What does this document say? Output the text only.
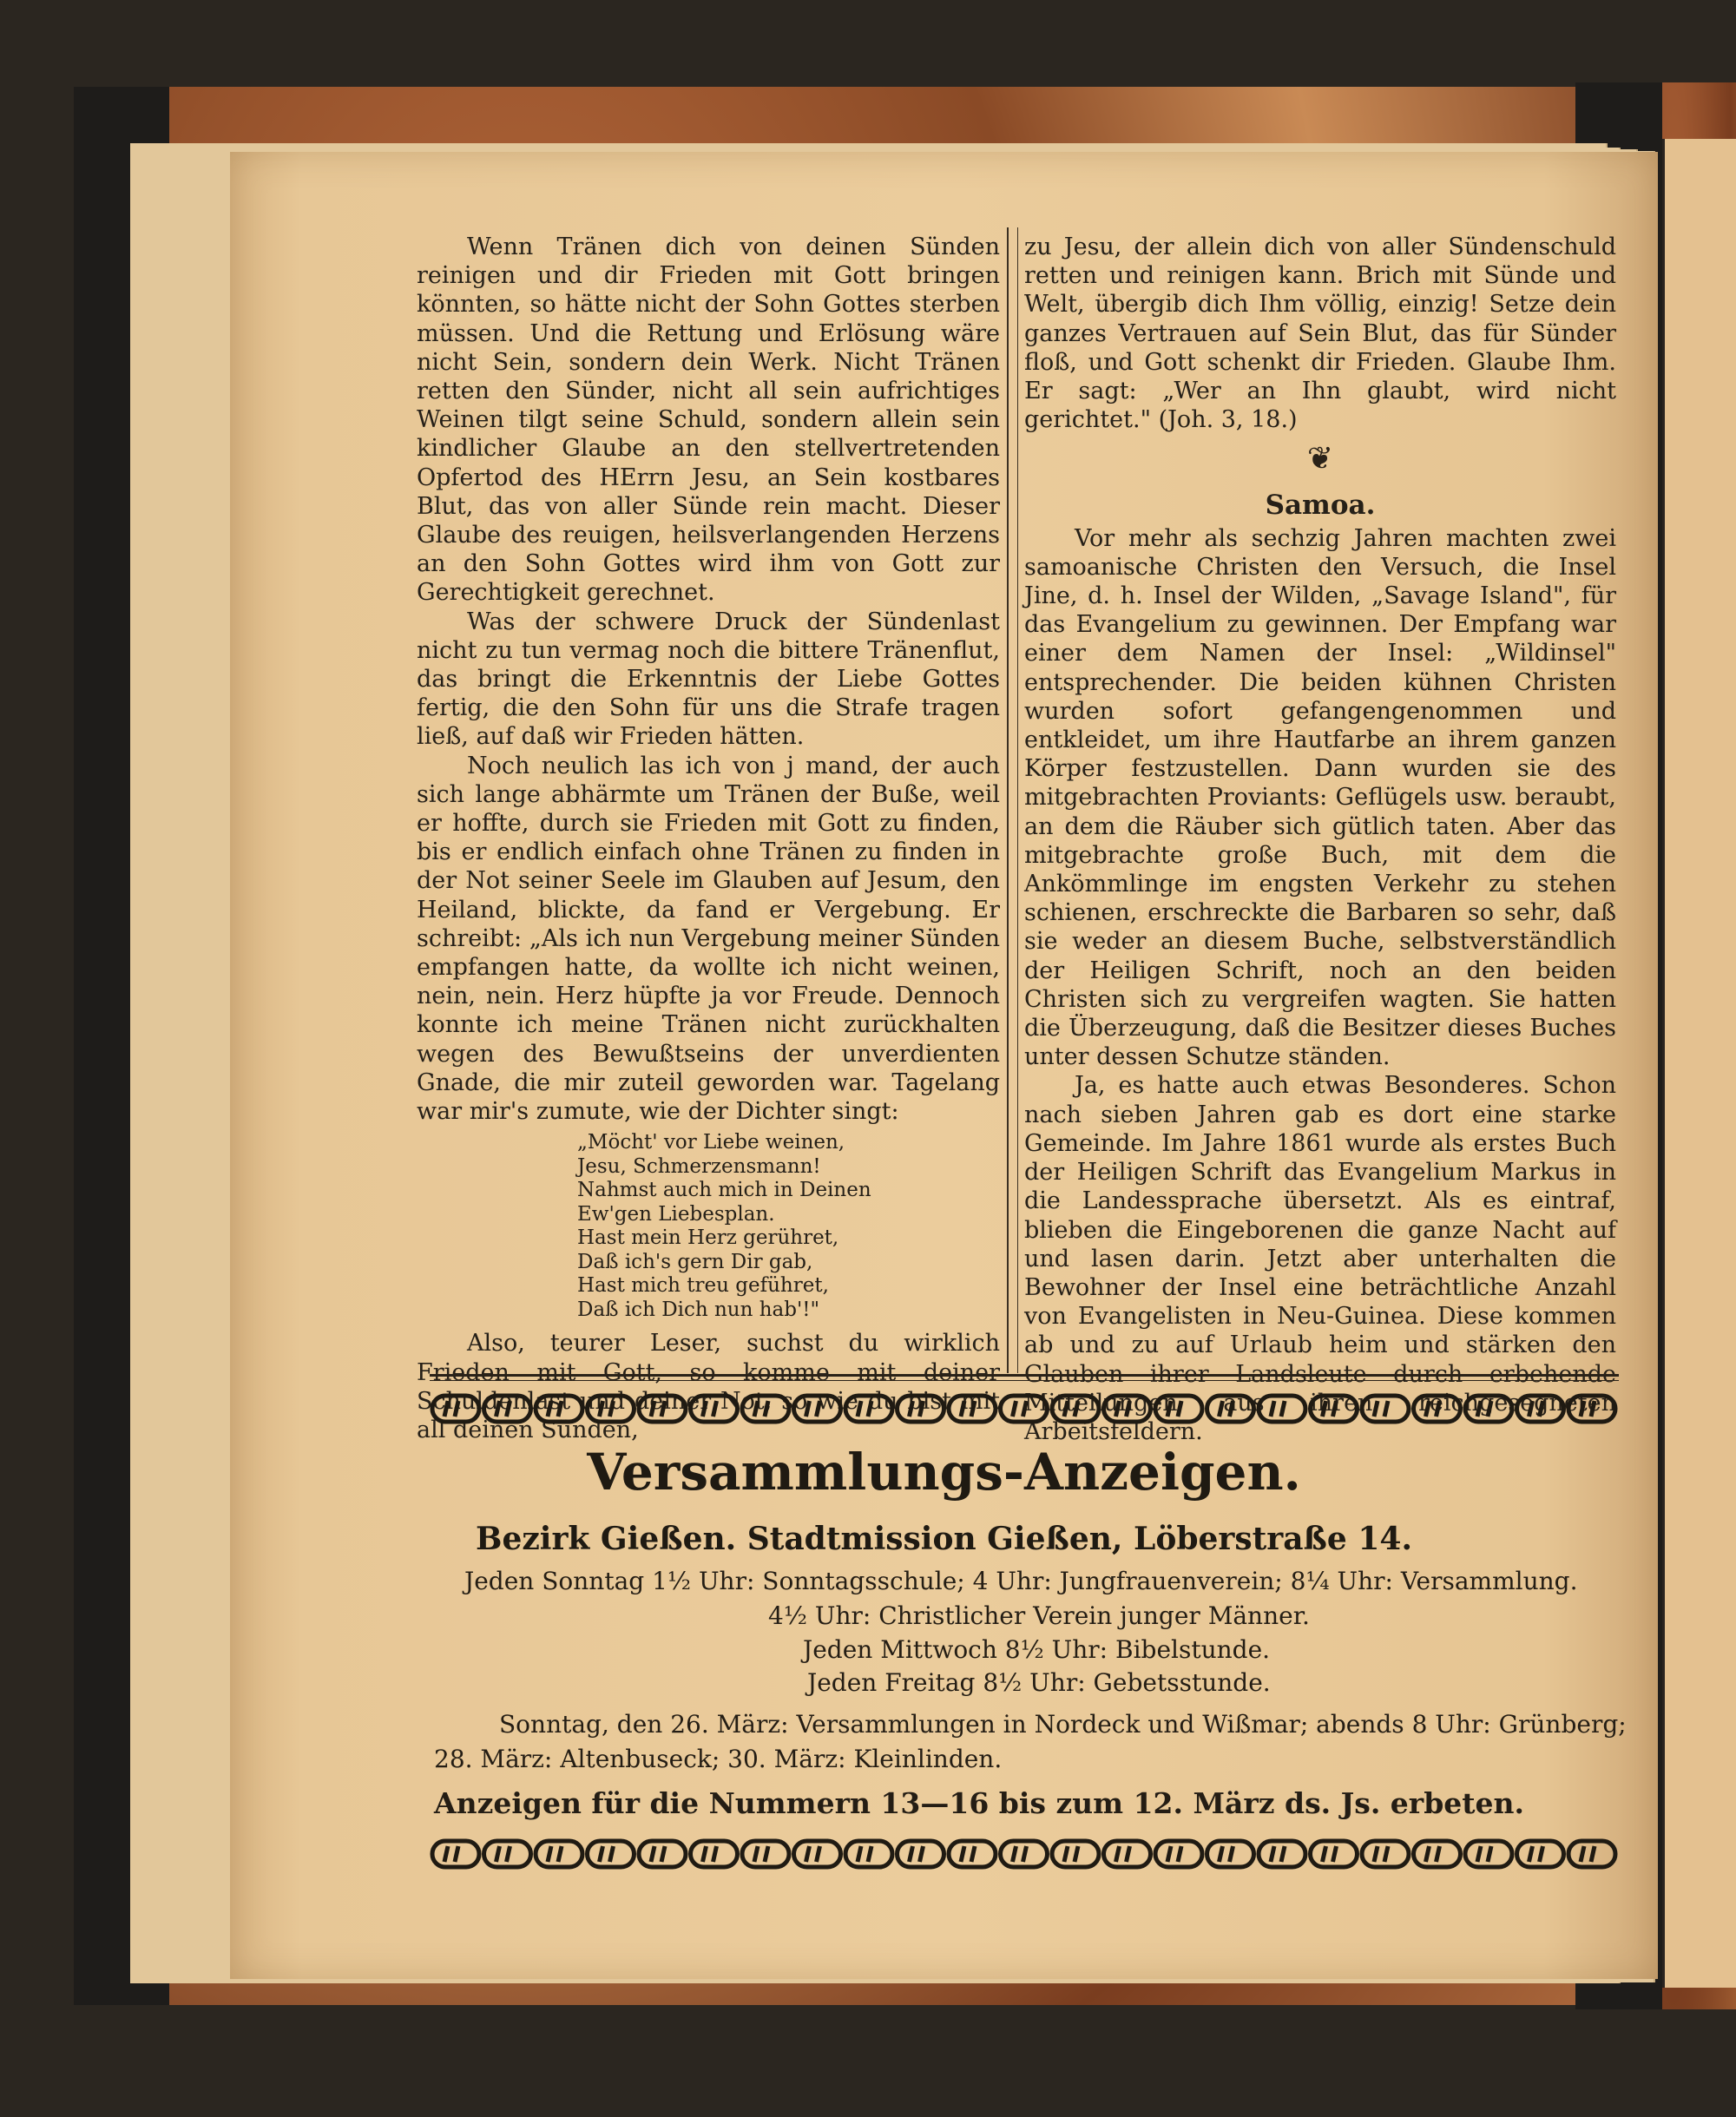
Wenn Tränen dich von deinen Sünden reinigen und dir Frieden mit Gott bringen könnten, so hätte nicht der Sohn Gottes sterben müssen. Und die Rettung und Erlösung wäre nicht Sein, sondern dein Werk. Nicht Tränen retten den Sünder, nicht all sein aufrichtiges Weinen tilgt seine Schuld, sondern allein sein kindlicher Glaube an den stellvertretenden Opfertod des HErrn Jesu, an Sein kostbares Blut, das von aller Sünde rein macht. Dieser Glaube des reuigen, heilsverlangenden Herzens an den Sohn Gottes wird ihm von Gott zur Gerechtigkeit gerechnet.

Was der schwere Druck der Sündenlast nicht zu tun vermag noch die bittere Tränenflut, das bringt die Erkenntnis der Liebe Gottes fertig, die den Sohn für uns die Strafe tragen ließ, auf daß wir Frieden hätten.

Noch neulich las ich von j mand, der auch sich lange abhärmte um Tränen der Buße, weil er hoffte, durch sie Frieden mit Gott zu finden, bis er endlich einfach ohne Tränen zu finden in der Not seiner Seele im Glauben auf Jesum, den Heiland, blickte, da fand er Vergebung. Er schreibt: „Als ich nun Vergebung meiner Sünden empfangen hatte, da wollte ich nicht weinen, nein, nein. Herz hüpfte ja vor Freude. Dennoch konnte ich meine Tränen nicht zurückhalten wegen des Bewußtseins der unverdienten Gnade, die mir zuteil geworden war. Tagelang war mir's zumute, wie der Dichter singt:

„Möcht' vor Liebe weinen,
Jesu, Schmerzensmann!
Nahmst auch mich in Deinen
Ew'gen Liebesplan.
Hast mein Herz gerühret,
Daß ich's gern Dir gab,
Hast mich treu geführet,
Daß ich Dich nun hab'!"

Also, teurer Leser, suchst du wirklich Frieden mit Gott, so komme mit deiner Schuldenlast und deiner Not, so wie du bist mit all deinen Sünden,

zu Jesu, der allein dich von aller Sündenschuld retten und reinigen kann. Brich mit Sünde und Welt, übergib dich Ihm völlig, einzig! Setze dein ganzes Vertrauen auf Sein Blut, das für Sünder floß, und Gott schenkt dir Frieden. Glaube Ihm. Er sagt: „Wer an Ihn glaubt, wird nicht gerichtet." (Joh. 3, 18.)

❦
Samoa.

Vor mehr als sechzig Jahren machten zwei samoanische Christen den Versuch, die Insel Jine, d. h. Insel der Wilden, „Savage Island", für das Evangelium zu gewinnen. Der Empfang war einer dem Namen der Insel: „Wildinsel" entsprechender. Die beiden kühnen Christen wurden sofort gefangengenommen und entkleidet, um ihre Hautfarbe an ihrem ganzen Körper festzustellen. Dann wurden sie des mitgebrachten Proviants: Geflügels usw. beraubt, an dem die Räuber sich gütlich taten. Aber das mitgebrachte große Buch, mit dem die Ankömmlinge im engsten Verkehr zu stehen schienen, erschreckte die Barbaren so sehr, daß sie weder an diesem Buche, selbstverständlich der Heiligen Schrift, noch an den beiden Christen sich zu vergreifen wagten. Sie hatten die Überzeugung, daß die Besitzer dieses Buches unter dessen Schutze ständen.

Ja, es hatte auch etwas Besonderes. Schon nach sieben Jahren gab es dort eine starke Gemeinde. Im Jahre 1861 wurde als erstes Buch der Heiligen Schrift das Evangelium Markus in die Landessprache übersetzt. Als es eintraf, blieben die Eingeborenen die ganze Nacht auf und lasen darin. Jetzt aber unterhalten die Bewohner der Insel eine beträchtliche Anzahl von Evangelisten in Neu-Guinea. Diese kommen ab und zu auf Urlaub heim und stärken den Glauben ihrer Landsleute durch erbehende Mitteilungen aus ihren reichgesegneten Arbeitsfeldern.

Versammlungs-Anzeigen.
Bezirk Gießen. Stadtmission Gießen, Löberstraße 14.
Jeden Sonntag 1½ Uhr: Sonntagsschule; 4 Uhr: Jungfrauenverein; 8¼ Uhr: Versammlung.
4½ Uhr: Christlicher Verein junger Männer.
Jeden Mittwoch 8½ Uhr: Bibelstunde.
Jeden Freitag 8½ Uhr: Gebetsstunde.
Sonntag, den 26. März: Versammlungen in Nordeck und Wißmar; abends 8 Uhr: Grünberg;
28. März: Altenbuseck; 30. März: Kleinlinden.
Anzeigen für die Nummern 13—16 bis zum 12. März ds. Js. erbeten.
